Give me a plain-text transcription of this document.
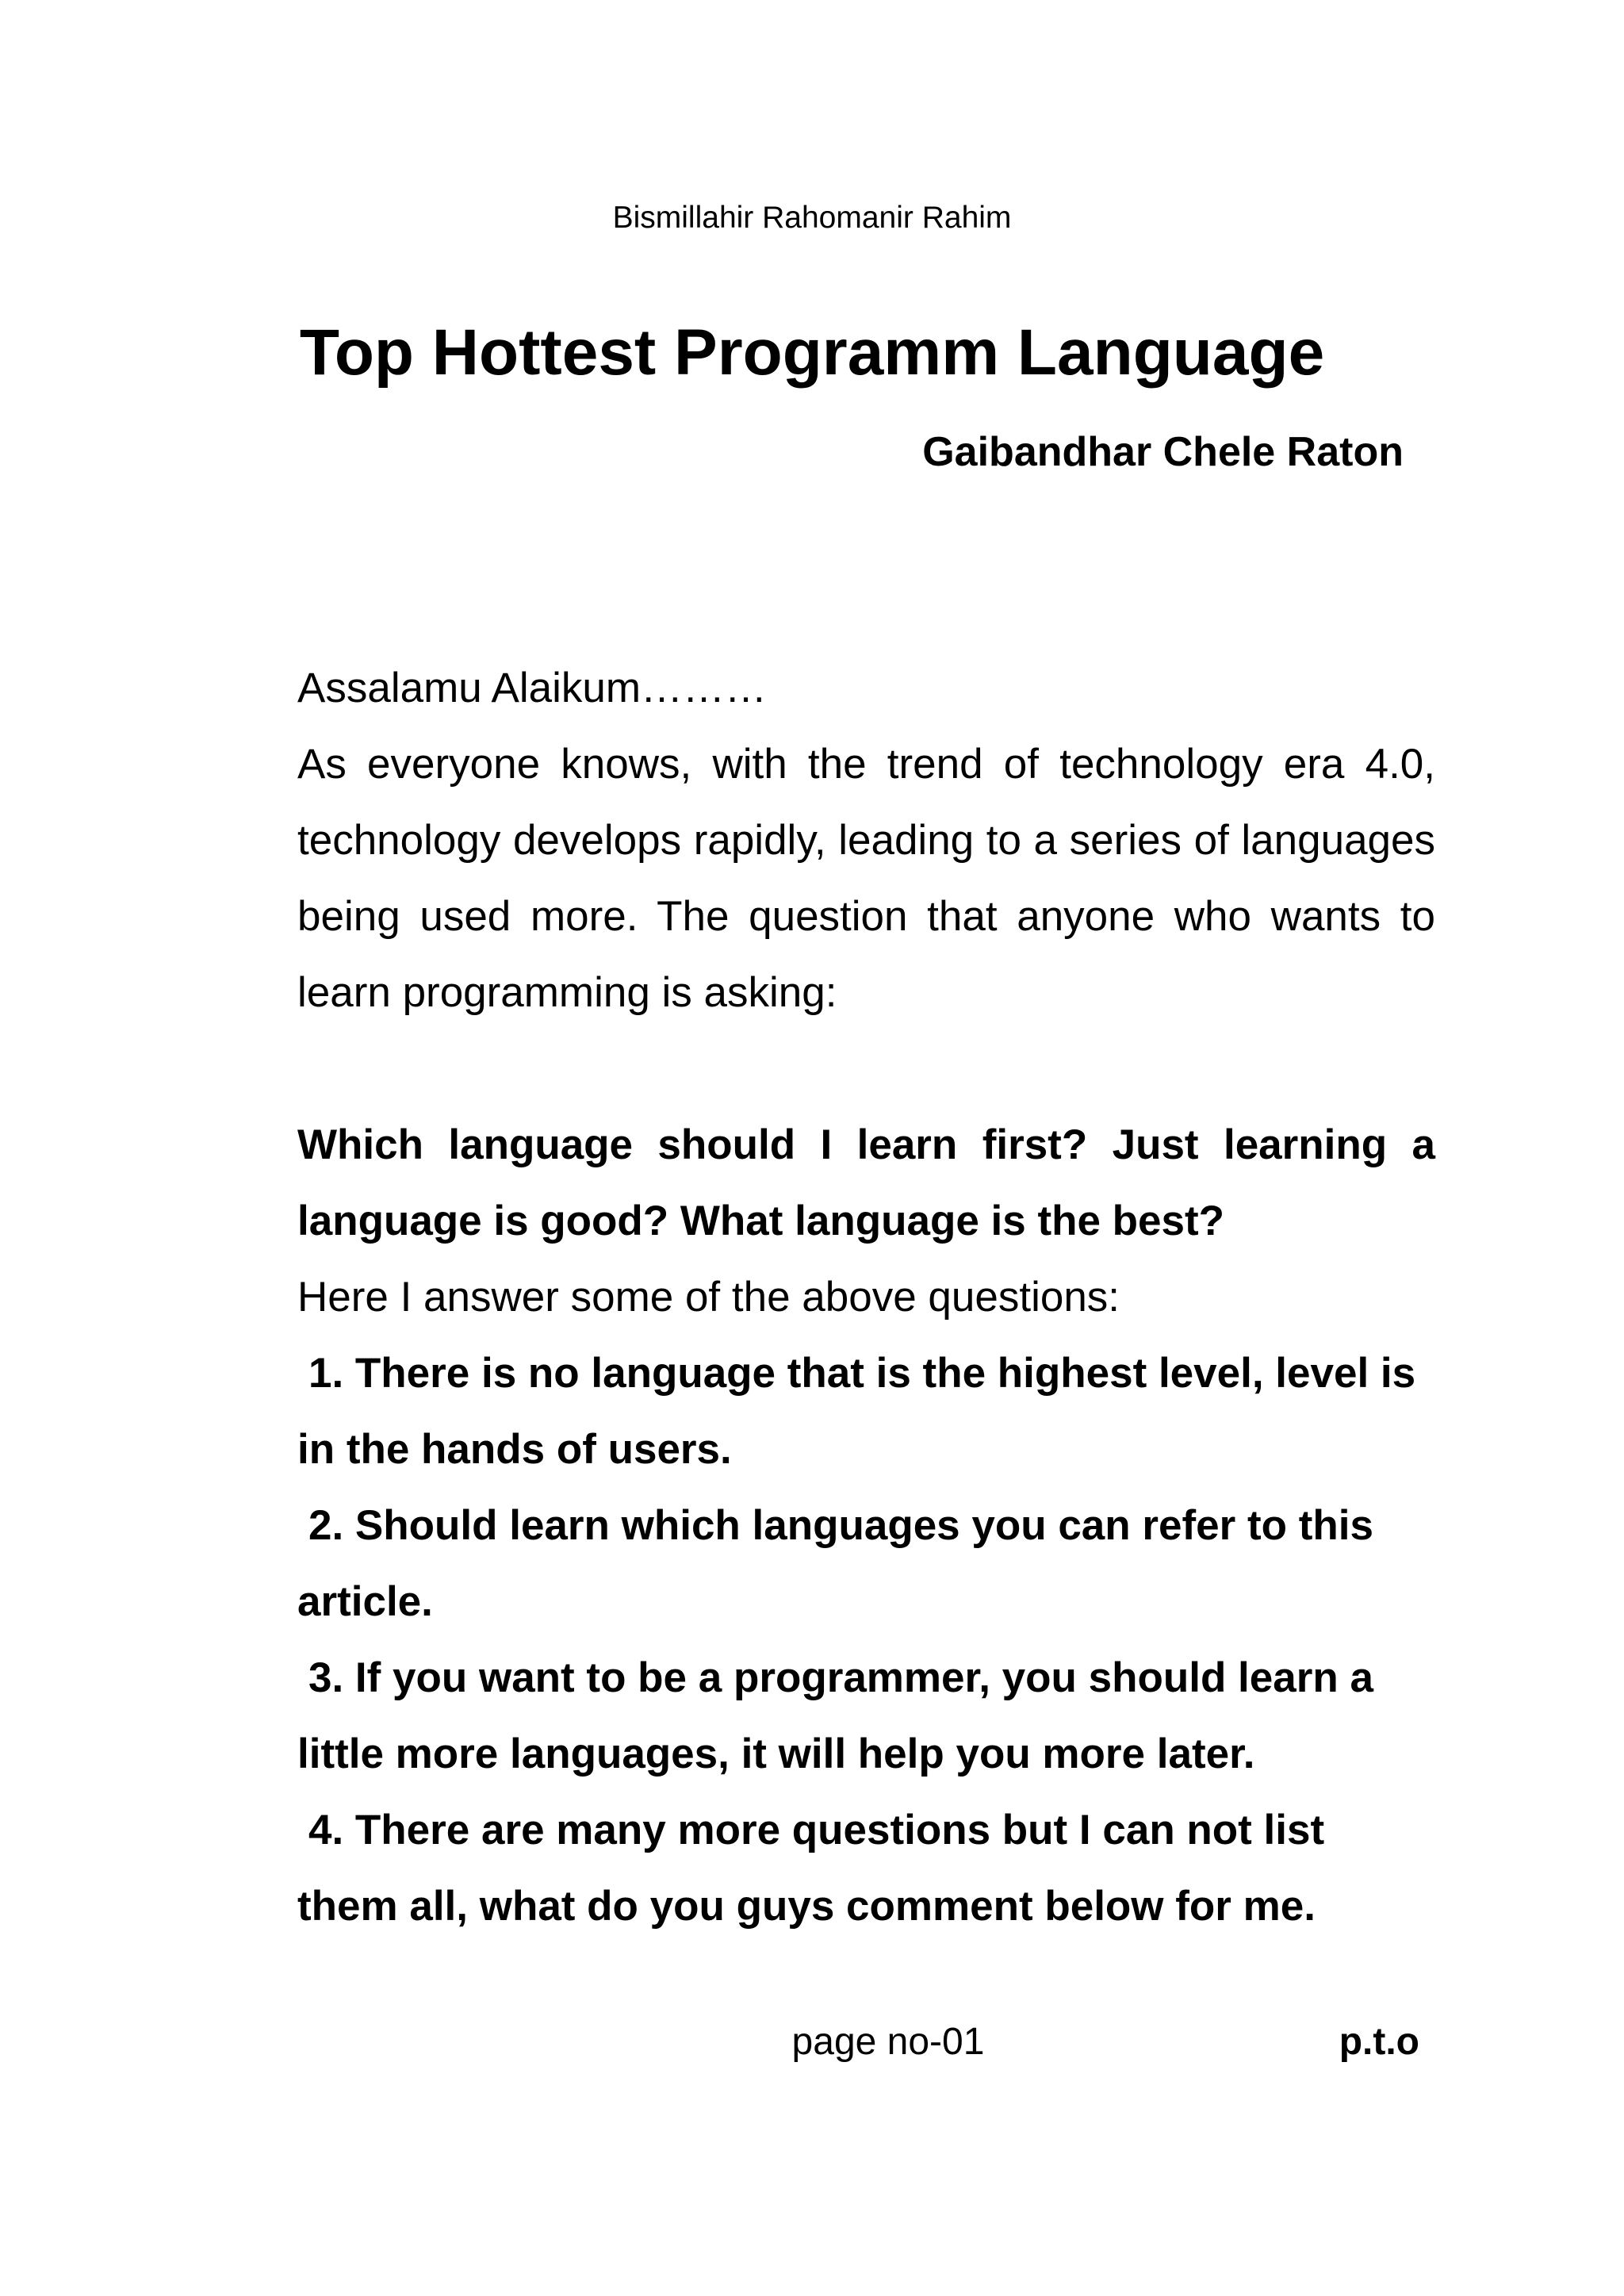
Bismillahir Rahomanir Rahim
Top Hottest Programm Language
Gaibandhar Chele Raton

Assalamu Alaikum………

As everyone knows, with the trend of technology era 4.0, technology develops rapidly, leading to a series of languages being used more. The question that anyone who wants to learn programming is asking:

Which language should I learn first? Just learning a language is good? What language is the best?

Here I answer some of the above questions:

1. There is no language that is the highest level, level is in the hands of users.

2. Should learn which languages you can refer to this article.

3. If you want to be a programmer, you should learn a little more languages, it will help you more later.

4. There are many more questions but I can not list them all, what do you guys comment below for me.

page no-01	p.t.o
